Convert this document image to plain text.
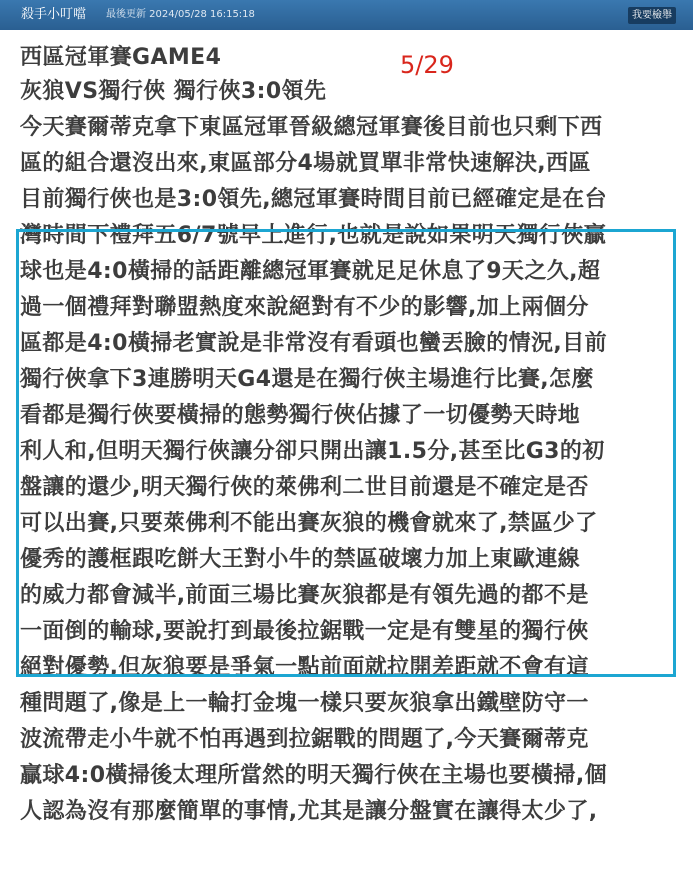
殺手小叮噹 最後更新 2024/05/28 16:15:18	我要檢舉
西區冠軍賽GAME4
灰狼VS獨行俠 獨行俠3:0領先
今天賽爾蒂克拿下東區冠軍晉級總冠軍賽後目前也只剩下西
區的組合還沒出來,東區部分4場就買單非常快速解決,西區
目前獨行俠也是3:0領先,總冠軍賽時間目前已經確定是在台
灣時間下禮拜五6/7號早上進行,也就是說如果明天獨行俠贏
球也是4:0橫掃的話距離總冠軍賽就足足休息了9天之久,超
過一個禮拜對聯盟熱度來說絕對有不少的影響,加上兩個分
區都是4:0橫掃老實說是非常沒有看頭也蠻丟臉的情況,目前
獨行俠拿下3連勝明天G4還是在獨行俠主場進行比賽,怎麼
看都是獨行俠要橫掃的態勢獨行俠佔據了一切優勢天時地
利人和,但明天獨行俠讓分卻只開出讓1.5分,甚至比G3的初
盤讓的還少,明天獨行俠的萊佛利二世目前還是不確定是否
可以出賽,只要萊佛利不能出賽灰狼的機會就來了,禁區少了
優秀的護框跟吃餅大王對小牛的禁區破壞力加上東歐連線
的威力都會減半,前面三場比賽灰狼都是有領先過的都不是
一面倒的輸球,要說打到最後拉鋸戰一定是有雙星的獨行俠
絕對優勢,但灰狼要是爭氣一點前面就拉開差距就不會有這
種問題了,像是上一輪打金塊一樣只要灰狼拿出鐵壁防守一
波流帶走小牛就不怕再遇到拉鋸戰的問題了,今天賽爾蒂克
贏球4:0橫掃後太理所當然的明天獨行俠在主場也要橫掃,個
人認為沒有那麼簡單的事情,尤其是讓分盤實在讓得太少了,
5/29
